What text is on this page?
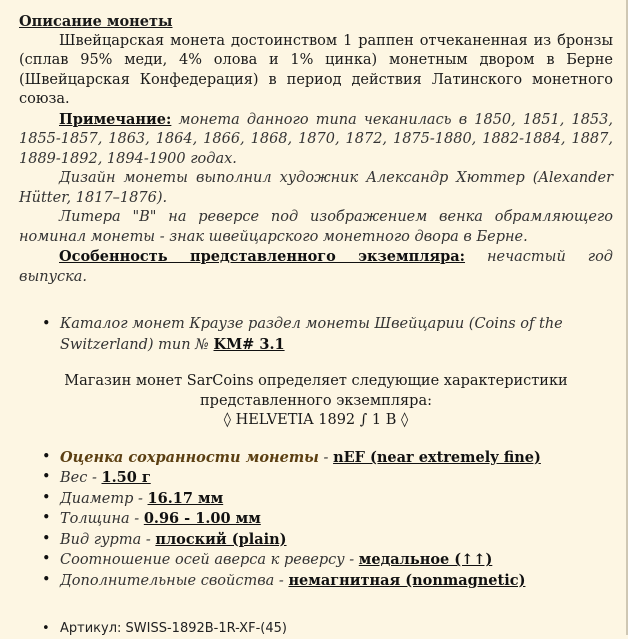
Описание монеты

Швейцарская монета достоинством 1 раппен отчеканенная из бронзы (сплав 95% меди, 4% олова и 1% цинка) монетным двором в Берне (Швейцарская Конфедерация) в период действия Латинского монетного союза.

Примечание: монета данного типа чеканилась в 1850, 1851, 1853, 1855-1857, 1863, 1864, 1866, 1868, 1870, 1872, 1875-1880, 1882-1884, 1887, 1889-1892, 1894-1900 годах.

Дизайн монеты выполнил художник Александр Хюттер (Alexander Hütter, 1817–1876).

Литера "B" на реверсе под изображением венка обрамляющего номинал монеты - знак швейцарского монетного двора в Берне.

Особенность представленного экземпляра: нечастый год выпуска.

• Каталог монет Краузе раздел монеты Швейцарии (Coins of the Switzerland) тип № KM# 3.1

Магазин монет SarCoins определяет следующие характеристики

представленного экземпляра:

◊ HELVETIA 1892 ∫ 1 B ◊

• Оценка сохранности монеты - nEF (near extremely fine)
• Вес - 1.50 г
• Диаметр - 16.17 мм
• Толщина - 0.96 - 1.00 мм
• Вид гурта - плоский (plain)
• Соотношение осей аверса к реверсу - медальное (↑↑)
• Дополнительные свойства - немагнитная (nonmagnetic)
• Артикул: SWISS-1892B-1R-XF-(45)
